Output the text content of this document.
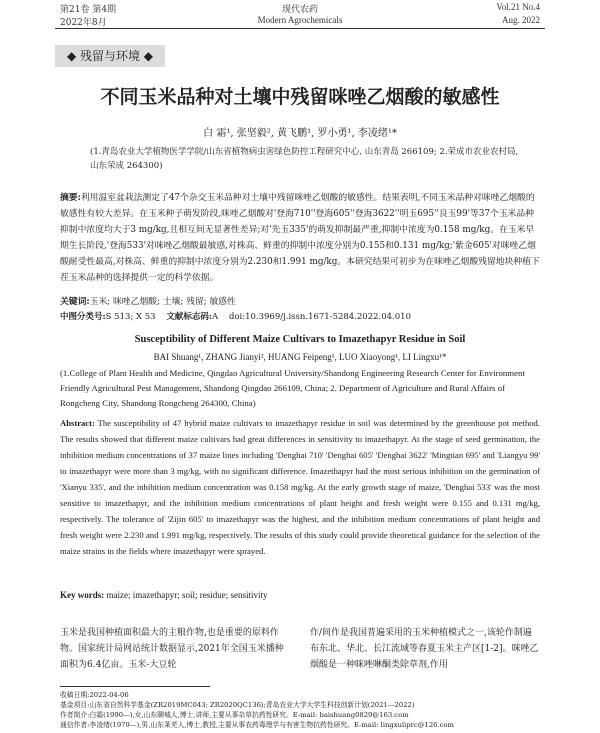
第21卷 第4期
2022年8月
现代农药
Modern Agrochemicals
Vol.21 No.4
Aug. 2022
◆ 残留与环境 ◆
不同玉米品种对土壤中残留咪唑乙烟酸的敏感性
白 霜¹, 张坚毅², 黄飞鹏¹, 罗小勇¹, 李凌绪¹*
(1.青岛农业大学植物医学学院/山东省植物病虫害绿色防控工程研究中心, 山东青岛 266109; 2.荣成市农业农村局, 山东荣成 264300)
摘要:利用温室盆栽法测定了47个杂交玉米品种对土壤中残留咪唑乙烟酸的敏感性。结果表明,不同玉米品种对咪唑乙烟酸的敏感性有较大差异。在玉米种子萌发阶段,咪唑乙烟酸对'登海710''登海605''登海3622''明玉695''良玉99'等37个玉米品种抑制中浓度均大于3 mg/kg,且相互间无显著性差异;对'先玉335'的萌发抑制最严重,抑制中浓度为0.158 mg/kg。在玉米早期生长阶段,'登海533'对咪唑乙烟酸最敏感,对株高、鲜重的抑制中浓度分别为0.155和0.131 mg/kg;'紫金605'对咪唑乙烟酸耐受性最高,对株高、鲜重的抑制中浓度分别为2.230和1.991 mg/kg。本研究结果可初步为在咪唑乙烟酸残留地块种植下茬玉米品种的选择提供一定的科学依据。
关键词:玉米; 咪唑乙烟酸; 土壤; 残留; 敏感性
中图分类号:S 513; X 53 文献标志码:A doi:10.3969/j.issn.1671-5284.2022.04.010
Susceptibility of Different Maize Cultivars to Imazethapyr Residue in Soil
BAI Shuang¹, ZHANG Jianyi², HUANG Feipeng¹, LUO Xiaoyong¹, LI Lingxu¹*
(1.College of Plant Health and Medicine, Qingdao Agricultural University/Shandong Engineering Research Center for Environment Friendly Agricultural Pest Management, Shandong Qingdao 266109, China; 2. Department of Agriculture and Rural Affairs of Rongcheng City, Shandong Rongcheng 264300, China)
Abstract: The susceptibility of 47 hybrid maize cultivars to imazethapyr residue in soil was determined by the greenhouse pot method. The results showed that different maize cultivars had great differences in sensitivity to imazethapyr. At the stage of seed germination, the inhibition medium concentrations of 37 maize lines including 'Denghai 710' 'Denghai 605' 'Denghai 3622' 'Mingtian 695' and 'Liangyu 99' to imazethapyr were more than 3 mg/kg, with no significant difference. Imazethapyr had the most serious inhibition on the germination of 'Xianyu 335', and the inhibition medium concentration was 0.158 mg/kg. At the early growth stage of maize, 'Denghai 533' was the most sensitive to imazethapyr, and the inhibition medium concentrations of plant height and fresh weight were 0.155 and 0.131 mg/kg, respectively. The tolerance of 'Zijin 605' to imazethapyr was the highest, and the inhibition medium concentrations of plant height and fresh weight were 2.230 and 1.991 mg/kg, respectively. The results of this study could provide theoretical guidance for the selection of the maize strains in the fields where imazethapyr were sprayed.
Key words: maize; imazethapyr; soil; residue; sensitivity
玉米是我国种植面积最大的主粮作物,也是重要的原料作物。国家统计局网站统计数据显示,2021年全国玉米播种面积为6.4亿亩。玉米-大豆轮
作/间作是我国普遍采用的玉米种植模式之一,该轮作制遍布东北、华北、长江流域等春夏玉米主产区[1-2]。咪唑乙烟酸是一种咪唑啉酮类除草剂,作用
收稿日期:2022-04-06
基金项目:山东省自然科学基金(ZR2019MC043; ZR2020QC136);青岛农业大学大学生科技创新计划(2021—2022)
作者简介:白霜(1990—),女,山东聊城人,博士,讲师,主要从事杂草抗药性研究。E-mail: baishuang0829@163.com
通信作者:李凌绪(1979—),男,山东莱芜人,博士,教授,主要从事农药毒理学与有害生物抗药性研究。E-mail: lingxuliprc@126.com
